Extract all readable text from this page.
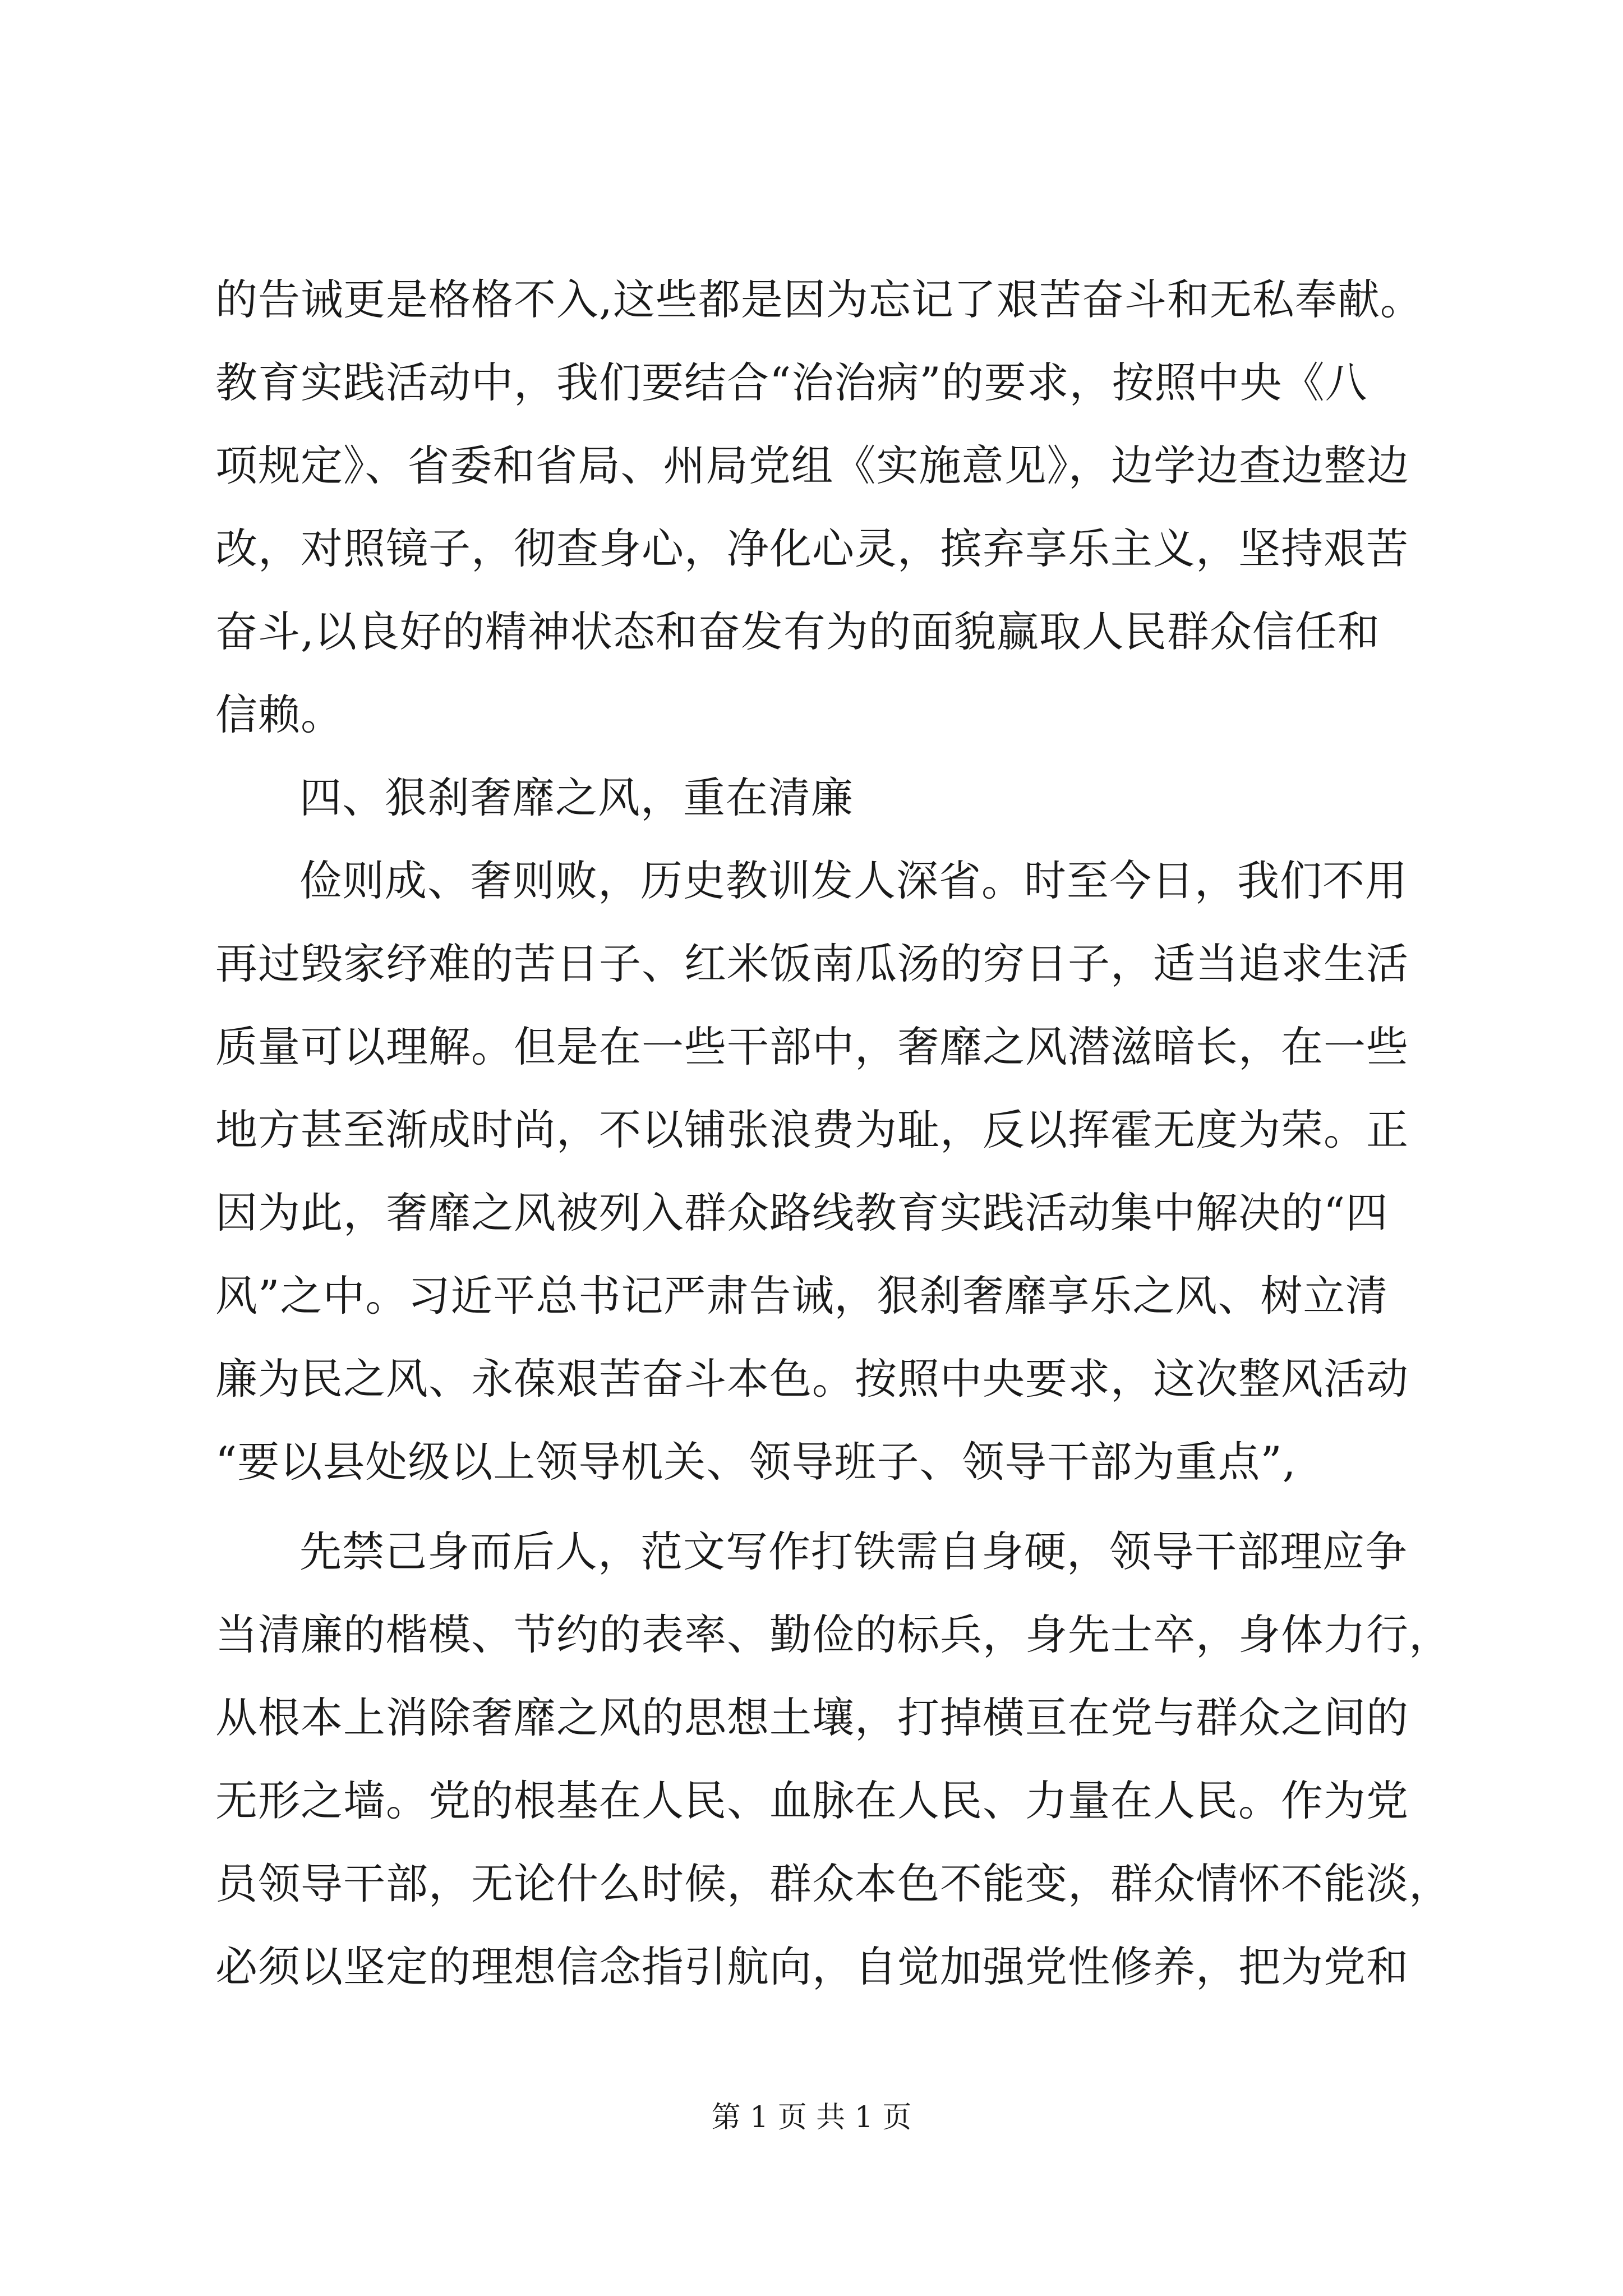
的告诫更是格格不入,这些都是因为忘记了艰苦奋斗和无私奉献。
教育实践活动中，我们要结合“治治病”的要求，按照中央《八
项规定》、省委和省局、州局党组《实施意见》，边学边查边整边
改，对照镜子，彻查身心，净化心灵，摈弃享乐主义，坚持艰苦
奋斗,以良好的精神状态和奋发有为的面貌赢取人民群众信任和
信赖。
四、狠刹奢靡之风，重在清廉
俭则成、奢则败，历史教训发人深省。时至今日，我们不用
再过毁家纾难的苦日子、红米饭南瓜汤的穷日子，适当追求生活
质量可以理解。但是在一些干部中，奢靡之风潜滋暗长，在一些
地方甚至渐成时尚，不以铺张浪费为耻，反以挥霍无度为荣。正
因为此，奢靡之风被列入群众路线教育实践活动集中解决的“四
风”之中。习近平总书记严肃告诫，狠刹奢靡享乐之风、树立清
廉为民之风、永葆艰苦奋斗本色。按照中央要求，这次整风活动
“要以县处级以上领导机关、领导班子、领导干部为重点”,
先禁己身而后人，范文写作打铁需自身硬，领导干部理应争
当清廉的楷模、节约的表率、勤俭的标兵，身先士卒，身体力行，
从根本上消除奢靡之风的思想土壤，打掉横亘在党与群众之间的
无形之墙。党的根基在人民、血脉在人民、力量在人民。作为党
员领导干部，无论什么时候，群众本色不能变，群众情怀不能淡，
必须以坚定的理想信念指引航向，自觉加强党性修养，把为党和
第 1 页 共 1 页
